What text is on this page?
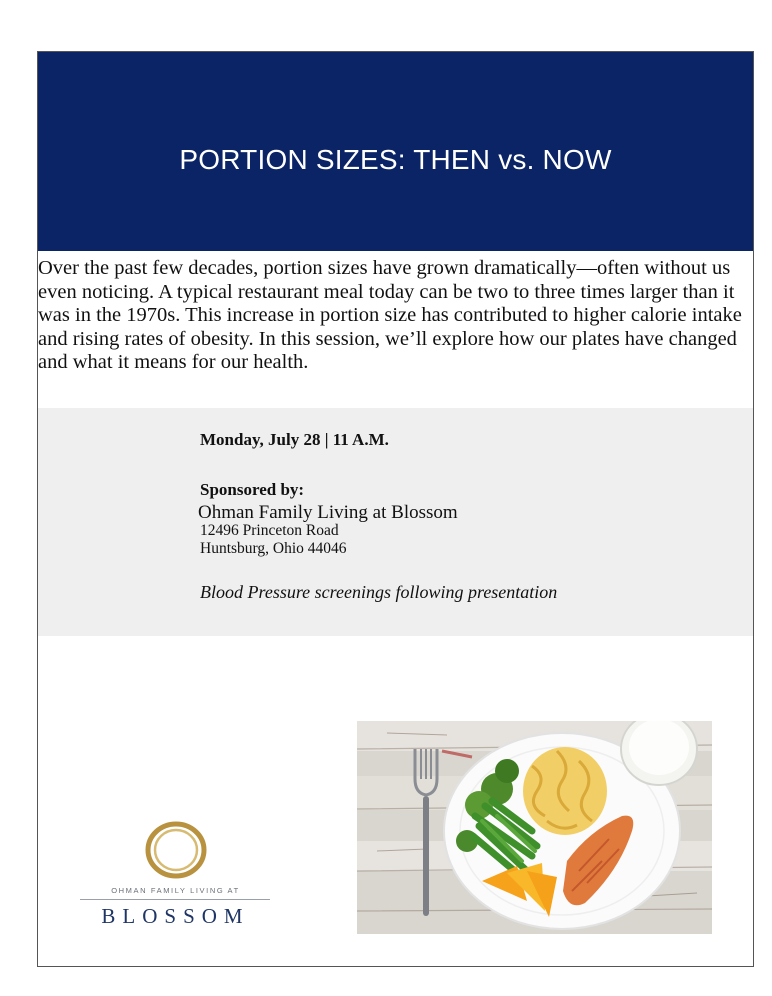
PORTION SIZES: THEN vs. NOW

Over the past few decades, portion sizes have grown dramatically—often without us even noticing. A typical restaurant meal today can be two to three times larger than it was in the 1970s. This increase in portion size has contributed to higher calorie intake and rising rates of obesity. In this session, we’ll explore how our plates have changed and what it means for our health.

Monday, July 28 | 11 A.M.
Sponsored by:
Ohman Family Living at Blossom
12496 Princeton Road
Huntsburg, Ohio 44046
Blood Pressure screenings following presentation
OHMAN FAMILY LIVING AT
BLOSSOM
